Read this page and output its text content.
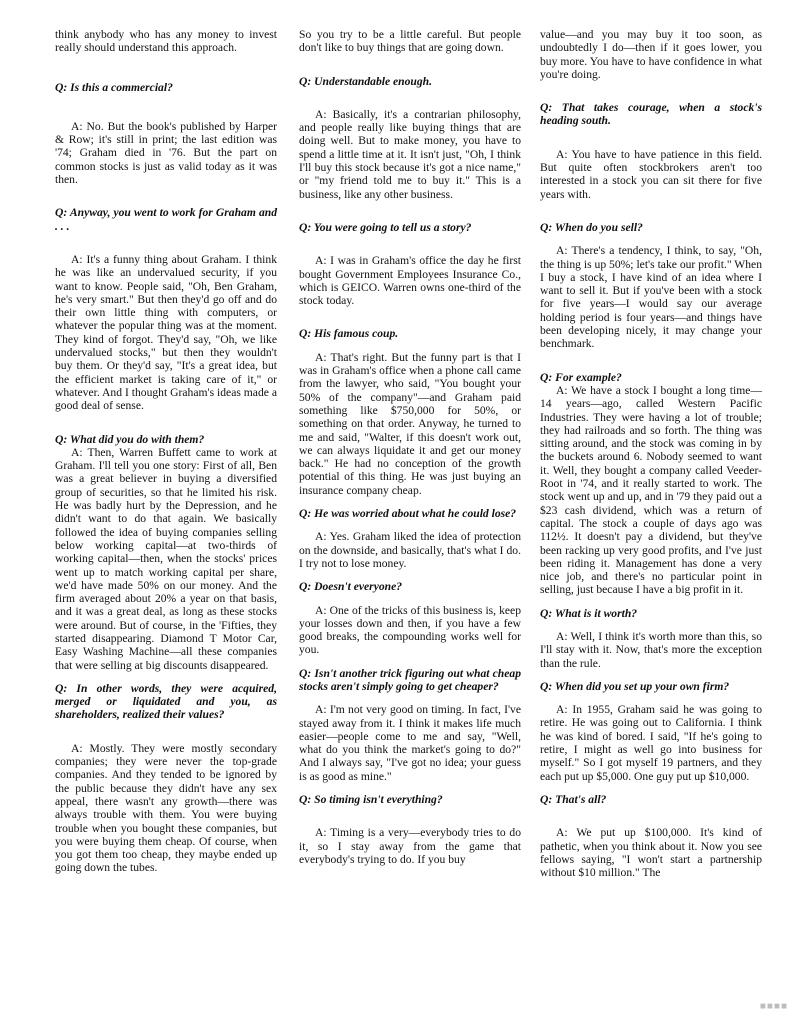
think anybody who has any money to invest really should understand this approach.

Q: Is this a commercial?

A: No. But the book's published by Harper & Row; it's still in print; the last edition was '74; Graham died in '76. But the part on common stocks is just as valid today as it was then.

Q: Anyway, you went to work for Graham and . . .

A: It's a funny thing about Graham. I think he was like an undervalued security, if you want to know. People said, "Oh, Ben Graham, he's very smart." But then they'd go off and do their own little thing with computers, or whatever the popular thing was at the moment. They kind of forgot. They'd say, "Oh, we like undervalued stocks," but then they wouldn't buy them. Or they'd say, "It's a great idea, but the efficient market is taking care of it," or whatever. And I thought Graham's ideas made a good deal of sense.

Q: What did you do with them?

A: Then, Warren Buffett came to work at Graham. I'll tell you one story: First of all, Ben was a great believer in buying a diversified group of securities, so that he limited his risk. He was badly hurt by the Depression, and he didn't want to do that again. We basically followed the idea of buying companies selling below working capital—at two-thirds of working capital—then, when the stocks' prices went up to match working capital per share, we'd have made 50% on our money. And the firm averaged about 20% a year on that basis, and it was a great deal, as long as these stocks were around. But of course, in the 'Fifties, they started disappearing. Diamond T Motor Car, Easy Washing Machine—all these companies that were selling at big discounts disappeared.

Q: In other words, they were acquired, merged or liquidated and you, as shareholders, realized their values?

A: Mostly. They were mostly secondary companies; they were never the top-grade companies. And they tended to be ignored by the public because they didn't have any sex appeal, there wasn't any growth—there was always trouble with them. You were buying trouble when you bought these companies, but you were buying them cheap. Of course, when you got them too cheap, they maybe ended up going down the tubes.

So you try to be a little careful. But people don't like to buy things that are going down.

Q: Understandable enough.

A: Basically, it's a contrarian philosophy, and people really like buying things that are doing well. But to make money, you have to spend a little time at it. It isn't just, "Oh, I think I'll buy this stock because it's got a nice name," or "my friend told me to buy it." This is a business, like any other business.

Q: You were going to tell us a story?

A: I was in Graham's office the day he first bought Government Employees Insurance Co., which is GEICO. Warren owns one-third of the stock today.

Q: His famous coup.

A: That's right. But the funny part is that I was in Graham's office when a phone call came from the lawyer, who said, "You bought your 50% of the company"—and Graham paid something like $750,000 for 50%, or something on that order. Anyway, he turned to me and said, "Walter, if this doesn't work out, we can always liquidate it and get our money back." He had no conception of the growth potential of this thing. He was just buying an insurance company cheap.

Q: He was worried about what he could lose?

A: Yes. Graham liked the idea of protection on the downside, and basically, that's what I do. I try not to lose money.

Q: Doesn't everyone?

A: One of the tricks of this business is, keep your losses down and then, if you have a few good breaks, the compounding works well for you.

Q: Isn't another trick figuring out what cheap stocks aren't simply going to get cheaper?

A: I'm not very good on timing. In fact, I've stayed away from it. I think it makes life much easier—people come to me and say, "Well, what do you think the market's going to do?" And I always say, "I've got no idea; your guess is as good as mine."

Q: So timing isn't everything?

A: Timing is a very—everybody tries to do it, so I stay away from the game that everybody's trying to do. If you buy

value—and you may buy it too soon, as undoubtedly I do—then if it goes lower, you buy more. You have to have confidence in what you're doing.

Q: That takes courage, when a stock's heading south.

A: You have to have patience in this field. But quite often stockbrokers aren't too interested in a stock you can sit there for five years with.

Q: When do you sell?

A: There's a tendency, I think, to say, "Oh, the thing is up 50%; let's take our profit." When I buy a stock, I have kind of an idea where I want to sell it. But if you've been with a stock for five years—I would say our average holding period is four years—and things have been developing nicely, it may change your benchmark.

Q: For example?

A: We have a stock I bought a long time—14 years—ago, called Western Pacific Industries. They were having a lot of trouble; they had railroads and so forth. The thing was sitting around, and the stock was coming in by the buckets around 6. Nobody seemed to want it. Well, they bought a company called Veeder-Root in '74, and it really started to work. The stock went up and up, and in '79 they paid out a $23 cash dividend, which was a return of capital. The stock a couple of days ago was 112½. It doesn't pay a dividend, but they've been racking up very good profits, and I've just been riding it. Management has done a very nice job, and there's no particular point in selling, just because I have a big profit in it.

Q: What is it worth?

A: Well, I think it's worth more than this, so I'll stay with it. Now, that's more the exception than the rule.

Q: When did you set up your own firm?

A: In 1955, Graham said he was going to retire. He was going out to California. I think he was kind of bored. I said, "If he's going to retire, I might as well go into business for myself." So I got myself 19 partners, and they each put up $5,000. One guy put up $10,000.

Q: That's all?

A: We put up $100,000. It's kind of pathetic, when you think about it. Now you see fellows saying, "I won't start a partnership without $10 million." The

■■■■
